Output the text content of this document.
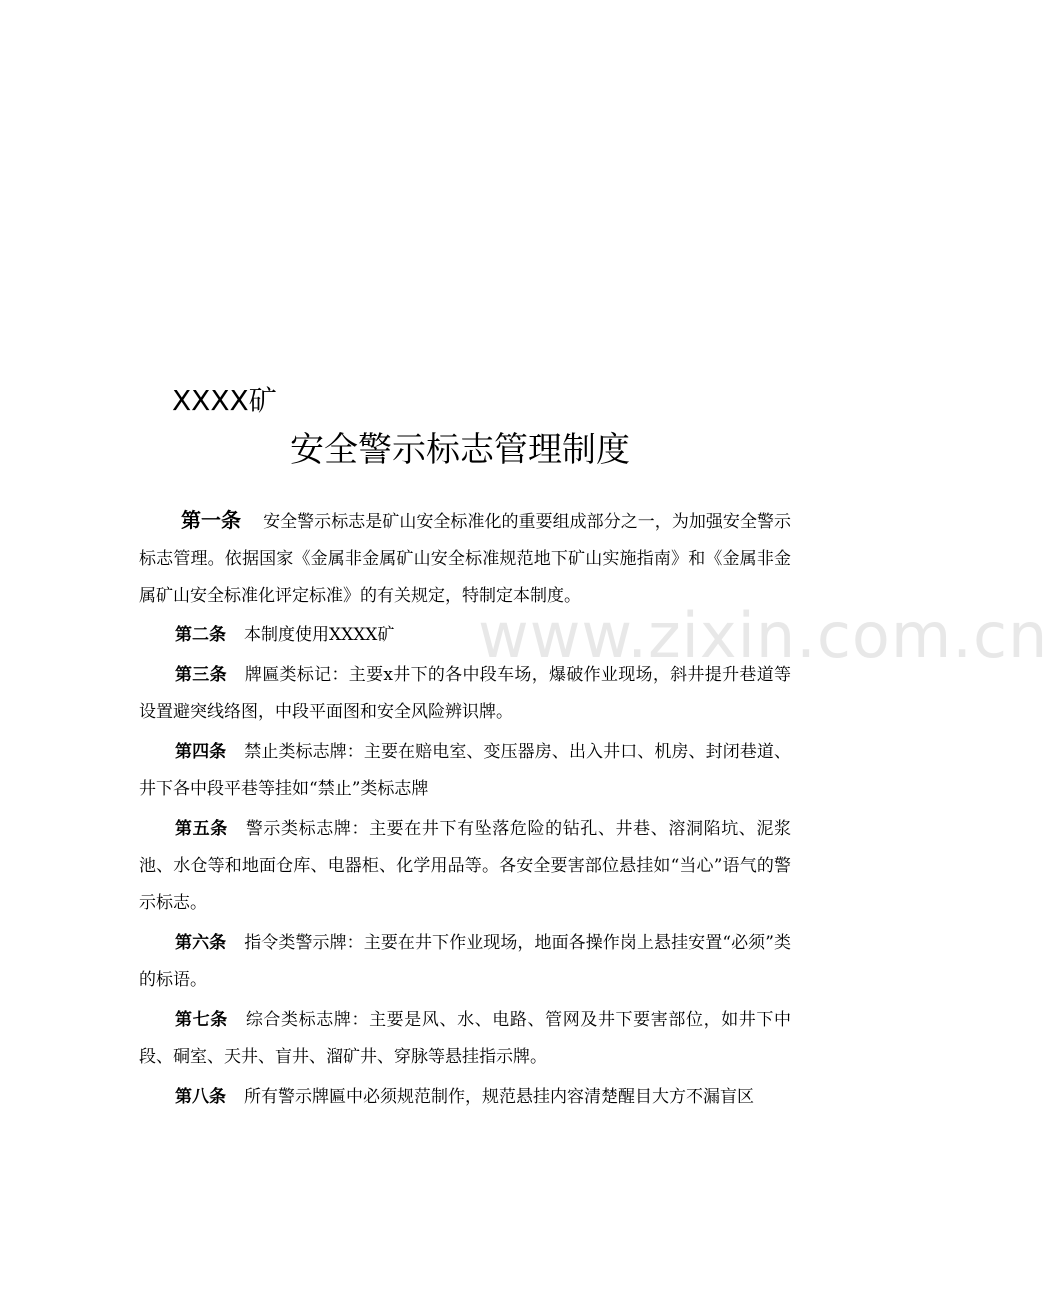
XXXX矿
安全警示标志管理制度

第一条 安全警示标志是矿山安全标准化的重要组成部分之一，为加强安全警示标志管理。依据国家《金属非金属矿山安全标准规范地下矿山实施指南》和《金属非金属矿山安全标准化评定标准》的有关规定，特制定本制度。

第二条 本制度使用XXXX矿

第三条 牌匾类标记：主要x井下的各中段车场，爆破作业现场，斜井提升巷道等设置避突线络图，中段平面图和安全风险辨识牌。

第四条 禁止类标志牌：主要在赔电室、变压器房、出入井口、机房、封闭巷道、井下各中段平巷等挂如“禁止”类标志牌

第五条 警示类标志牌：主要在井下有坠落危险的钻孔、井巷、溶洞陷坑、泥浆池、水仓等和地面仓库、电器柜、化学用品等。各安全要害部位悬挂如“当心”语气的警示标志。

第六条 指令类警示牌：主要在井下作业现场，地面各操作岗上悬挂安置“必须”类的标语。

第七条 综合类标志牌：主要是风、水、电路、管网及井下要害部位，如井下中段、硐室、天井、盲井、溜矿井、穿脉等悬挂指示牌。

第八条 所有警示牌匾中必须规范制作，规范悬挂内容清楚醒目大方不漏盲区

www.zixin.com.cn
